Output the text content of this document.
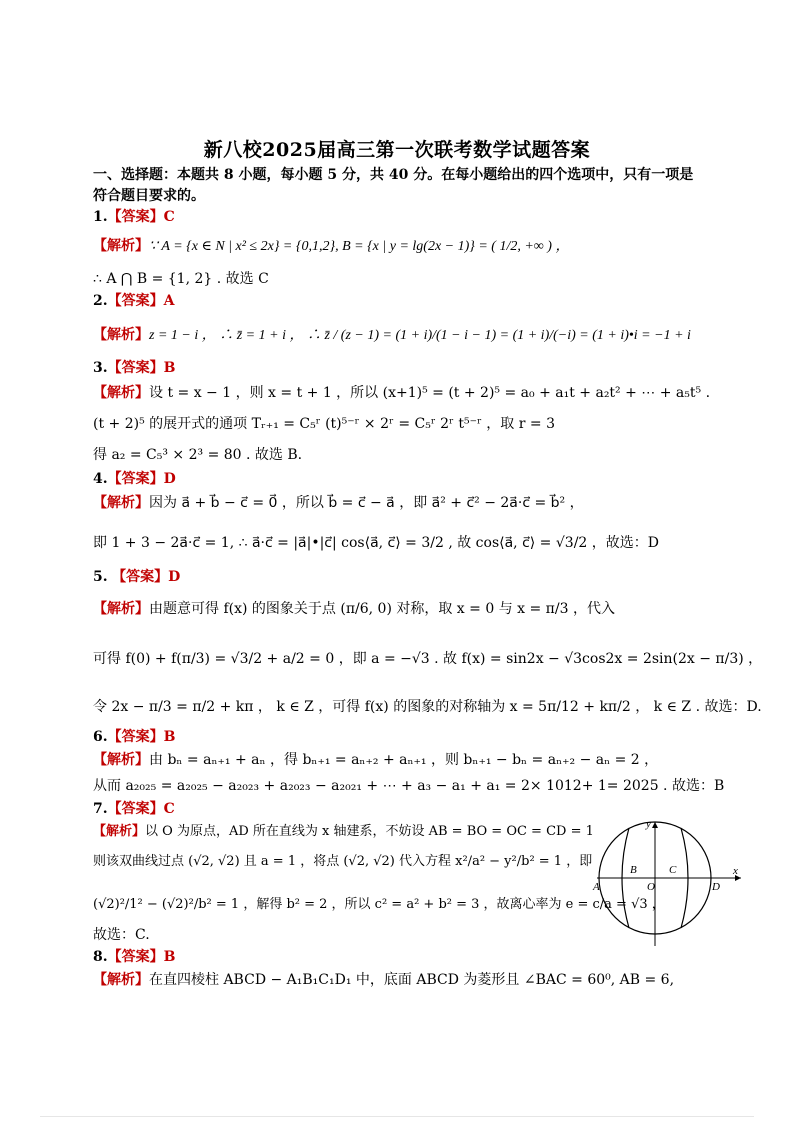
新八校2025届高三第一次联考数学试题答案
一、选择题：本题共 8 小题，每小题 5 分，共 40 分。在每小题给出的四个选项中，只有一项是
符合题目要求的。
1.【答案】C
【解析】∵ A = {x ∈ N | x² ≤ 2x} = {0,1,2}, B = {x | y = lg(2x − 1)} = ( 1/2, +∞ ) ，
∴ A ⋂ B = {1, 2} . 故选 C
2.【答案】A
【解析】z = 1 − i ， ∴ z̄ = 1 + i ， ∴ z̄ / (z − 1) = (1 + i)/(1 − i − 1) = (1 + i)/(−i) = (1 + i)•i = −1 + i
3.【答案】B
【解析】设 t = x − 1 ，则 x = t + 1 ，所以 (x+1)⁵ = (t + 2)⁵ = a₀ + a₁t + a₂t² + ⋯ + a₅t⁵ .
(t + 2)⁵ 的展开式的通项 Tᵣ₊₁ = C₅ʳ (t)⁵⁻ʳ × 2ʳ = C₅ʳ 2ʳ t⁵⁻ʳ ，取 r = 3
得 a₂ = C₅³ × 2³ = 80 . 故选 B.
4.【答案】D
【解析】因为 a⃗ + b⃗ − c⃗ = 0⃗ ，所以 b⃗ = c⃗ − a⃗ ，即 a⃗² + c⃗² − 2a⃗·c⃗ = b⃗² ，
即 1 + 3 − 2a⃗·c⃗ = 1, ∴ a⃗·c⃗ = |a⃗|•|c⃗| cos⟨a⃗, c⃗⟩ = 3/2 , 故 cos⟨a⃗, c⃗⟩ = √3/2 ，故选：D
5. 【答案】D
【解析】由题意可得 f(x) 的图象关于点 (π/6, 0) 对称，取 x = 0 与 x = π/3 ，代入
可得 f(0) + f(π/3) = √3/2 + a/2 = 0 ，即 a = −√3 . 故 f(x) = sin2x − √3cos2x = 2sin(2x − π/3) ，
令 2x − π/3 = π/2 + kπ ， k ∈ Z ，可得 f(x) 的图象的对称轴为 x = 5π/12 + kπ/2 ， k ∈ Z . 故选：D.
6.【答案】B
【解析】由 bₙ = aₙ₊₁ + aₙ ，得 bₙ₊₁ = aₙ₊₂ + aₙ₊₁ ，则 bₙ₊₁ − bₙ = aₙ₊₂ − aₙ = 2 ，
从而 a₂₀₂₅ = a₂₀₂₅ − a₂₀₂₃ + a₂₀₂₃ − a₂₀₂₁ + ⋯ + a₃ − a₁ + a₁ = 2× 1012+ 1= 2025 . 故选：B
7.【答案】C
【解析】以 O 为原点，AD 所在直线为 x 轴建系，不妨设 AB = BO = OC = CD = 1
则该双曲线过点 (√2, √2) 且 a = 1 ，将点 (√2, √2) 代入方程 x²/a² − y²/b² = 1 ，即
(√2)²/1² − (√2)²/b² = 1 ，解得 b² = 2 ，所以 c² = a² + b² = 3 ，故离心率为 e = c/a = √3 ，
故选：C.
8.【答案】B
【解析】在直四棱柱 ABCD − A₁B₁C₁D₁ 中，底面 ABCD 为菱形且 ∠BAC = 60⁰, AB = 6,
y
x
A
B
O
C
D
